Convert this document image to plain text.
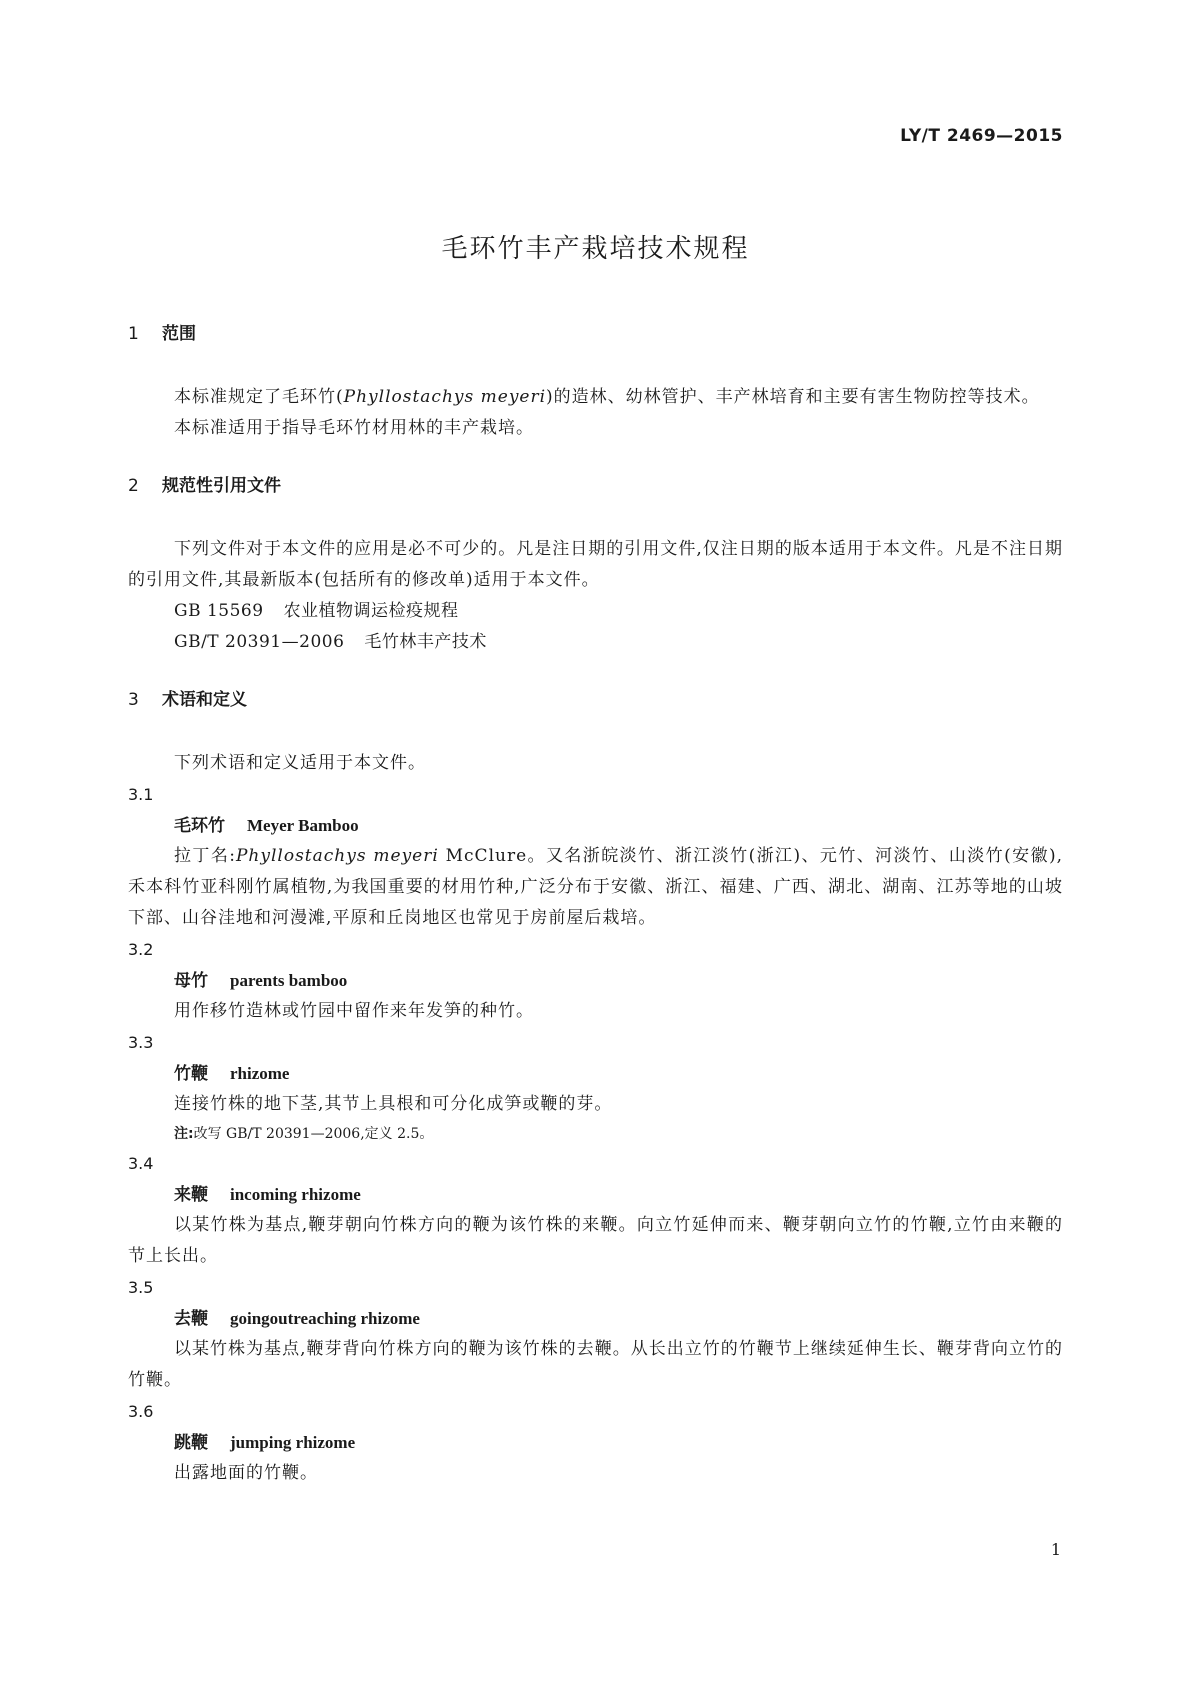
LY/T 2469—2015
毛环竹丰产栽培技术规程
1 范围
本标准规定了毛环竹(Phyllostachys meyeri)的造林、幼林管护、丰产林培育和主要有害生物防控等技术。
本标准适用于指导毛环竹材用林的丰产栽培。
2 规范性引用文件
下列文件对于本文件的应用是必不可少的。凡是注日期的引用文件,仅注日期的版本适用于本文件。凡是不注日期的引用文件,其最新版本(包括所有的修改单)适用于本文件。
GB 15569 农业植物调运检疫规程
GB/T 20391—2006 毛竹林丰产技术
3 术语和定义
下列术语和定义适用于本文件。
3.1
毛环竹 Meyer Bamboo
拉丁名:Phyllostachys meyeri McClure。又名浙皖淡竹、浙江淡竹(浙江)、元竹、河淡竹、山淡竹(安徽),禾本科竹亚科刚竹属植物,为我国重要的材用竹种,广泛分布于安徽、浙江、福建、广西、湖北、湖南、江苏等地的山坡下部、山谷洼地和河漫滩,平原和丘岗地区也常见于房前屋后栽培。
3.2
母竹 parents bamboo
用作移竹造林或竹园中留作来年发笋的种竹。
3.3
竹鞭 rhizome
连接竹株的地下茎,其节上具根和可分化成笋或鞭的芽。
注:改写 GB/T 20391—2006,定义 2.5。
3.4
来鞭 incoming rhizome
以某竹株为基点,鞭芽朝向竹株方向的鞭为该竹株的来鞭。向立竹延伸而来、鞭芽朝向立竹的竹鞭,立竹由来鞭的节上长出。
3.5
去鞭 goingoutreaching rhizome
以某竹株为基点,鞭芽背向竹株方向的鞭为该竹株的去鞭。从长出立竹的竹鞭节上继续延伸生长、鞭芽背向立竹的竹鞭。
3.6
跳鞭 jumping rhizome
出露地面的竹鞭。
1
